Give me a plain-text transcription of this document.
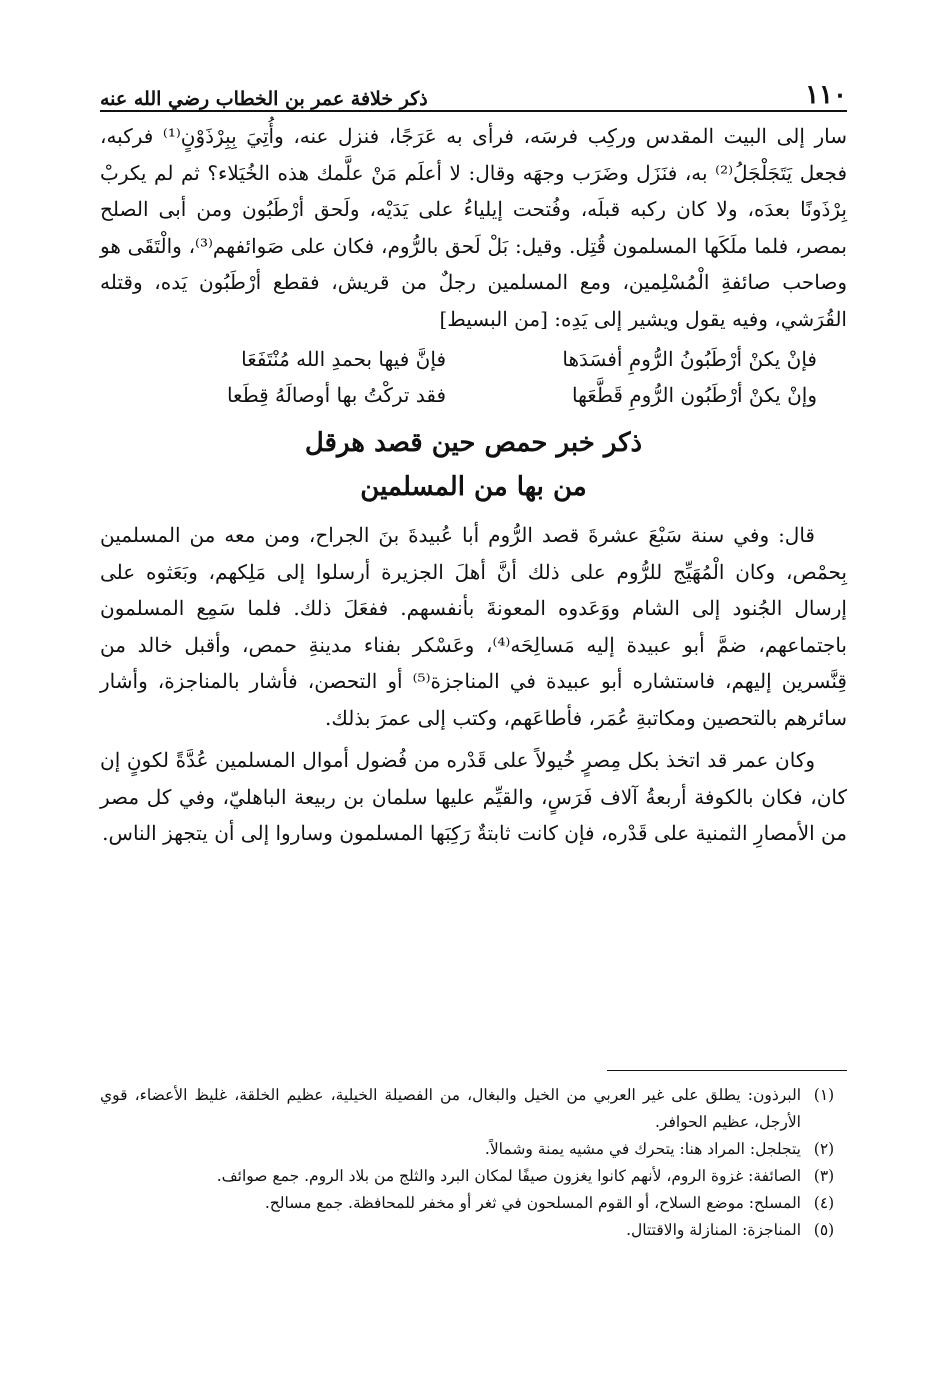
١١٠
ذكر خلافة عمر بن الخطاب رضي الله عنه

سار إلى البيت المقدس وركِب فرسَه، فرأى به عَرَجًا، فنزل عنه، وأُتِيَ بِبِرْذَوْنٍ⁽¹⁾ فركبه، فجعل يَتَجَلْجَلُ⁽²⁾ به، فنَزَل وضَرَب وجهَه وقال: لا أعلَم مَنْ علَّمك هذه الخُيَلاء؟ ثم لم يكربْ بِرْذَونًا بعدَه، ولا كان ركبه قبلَه، وفُتحت إيلياءُ على يَدَيْه، ولَحق أرْطَبُون ومن أبى الصلح بمصر، فلما ملَكَها المسلمون قُتِل. وقيل: بَلْ لَحق بالرُّوم، فكان على صَوائفهم⁽³⁾، والْتَقَى هو وصاحب صائفةِ الْمُسْلِمين، ومع المسلمين رجلٌ من قريش، فقطع أرْطَبُون يَده، وقتله القُرَشي، وفيه يقول ويشير إلى يَدِه: [من البسيط]

فإنْ يكنْ أرْطَبُونُ الرُّومِ أفسَدَها
فإنَّ فيها بحمدِ الله مُنْتَفَعَا
وإنْ يكنْ أرْطَبُون الرُّومِ قَطَّعَها
فقد تركْتُ بها أوصالَهُ قِطَعا
ذكر خبر حمص حين قصد هرقل
من بها من المسلمين

قال: وفي سنة سَبْعَ عشرةَ قصد الرُّوم أبا عُبيدةَ بنَ الجراح، ومن معه من المسلمين بِحمْص، وكان الْمُهَيِّج للرُّوم على ذلك أنَّ أهلَ الجزيرة أرسلوا إلى مَلِكهم، وبَعَثوه على إرسال الجُنود إلى الشام ووَعَدوه المعونةَ بأنفسهم. ففعَلَ ذلك. فلما سَمِع المسلمون باجتماعهم، ضمَّ أبو عبيدة إليه مَسالِحَه⁽⁴⁾، وعَسْكر بفناء مدينةِ حمص، وأقبل خالد من قِنَّسرين إليهم، فاستشاره أبو عبيدة في المناجزة⁽⁵⁾ أو التحصن، فأشار بالمناجزة، وأشار سائرهم بالتحصين ومكاتبةِ عُمَر، فأطاعَهم، وكتب إلى عمرَ بذلك.

وكان عمر قد اتخذ بكل مِصرٍ خُيولاً على قَدْره من فُضول أموال المسلمين عُدَّةً لكونٍ إن كان، فكان بالكوفة أربعةُ آلاف فَرَسٍ، والقيِّم عليها سلمان بن ربيعة الباهليّ، وفي كل مصر من الأمصارِ الثمنية على قَدْره، فإن كانت ثابتةٌ رَكِبَها المسلمون وساروا إلى أن يتجهز الناس.

(١)
البرذون: يطلق على غير العربي من الخيل والبغال، من الفصيلة الخيلية، عظيم الخلقة، غليظ الأعضاء، قوي الأرجل، عظيم الحوافر.
(٢)
يتجلجل: المراد هنا: يتحرك في مشيه يمنة وشمالاً.
(٣)
الصائفة: غزوة الروم، لأنهم كانوا يغزون صيفًا لمكان البرد والثلج من بلاد الروم. جمع صوائف.
(٤)
المسلح: موضع السلاح، أو القوم المسلحون في ثغر أو مخفر للمحافظة. جمع مسالح.
(٥)
المناجزة: المنازلة والاقتتال.
